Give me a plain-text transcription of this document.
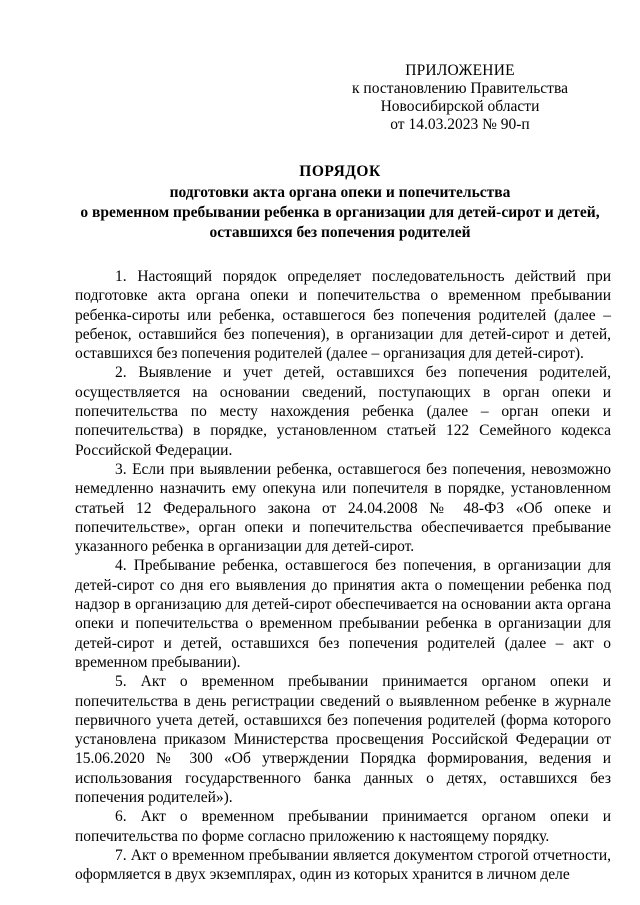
ПРИЛОЖЕНИЕ
к постановлению Правительства
Новосибирской области
от 14.03.2023 № 90-п
ПОРЯДОК
подготовки акта органа опеки и попечительства
о временном пребывании ребенка в организации для детей-сирот и детей,
оставшихся без попечения родителей

1. Настоящий порядок определяет последовательность действий при подготовке акта органа опеки и попечительства о временном пребывании ребенка-сироты или ребенка, оставшегося без попечения родителей (далее – ребенок, оставшийся без попечения), в организации для детей-сирот и детей, оставшихся без попечения родителей (далее – организация для детей-сирот).

2. Выявление и учет детей, оставшихся без попечения родителей, осуществляется на основании сведений, поступающих в орган опеки и попечительства по месту нахождения ребенка (далее – орган опеки и попечительства) в порядке, установленном статьей 122 Семейного кодекса Российской Федерации.

3. Если при выявлении ребенка, оставшегося без попечения, невозможно немедленно назначить ему опекуна или попечителя в порядке, установленном статьей 12 Федерального закона от 24.04.2008 № 48-ФЗ «Об опеке и попечительстве», орган опеки и попечительства обеспечивается пребывание указанного ребенка в организации для детей-сирот.

4. Пребывание ребенка, оставшегося без попечения, в организации для детей-сирот со дня его выявления до принятия акта о помещении ребенка под надзор в организацию для детей-сирот обеспечивается на основании акта органа опеки и попечительства о временном пребывании ребенка в организации для детей-сирот и детей, оставшихся без попечения родителей (далее – акт о временном пребывании).

5. Акт о временном пребывании принимается органом опеки и попечительства в день регистрации сведений о выявленном ребенке в журнале первичного учета детей, оставшихся без попечения родителей (форма которого установлена приказом Министерства просвещения Российской Федерации от 15.06.2020 № 300 «Об утверждении Порядка формирования, ведения и использования государственного банка данных о детях, оставшихся без попечения родителей»).

6. Акт о временном пребывании принимается органом опеки и попечительства по форме согласно приложению к настоящему порядку.

7. Акт о временном пребывании является документом строгой отчетности, оформляется в двух экземплярах, один из которых хранится в личном деле
